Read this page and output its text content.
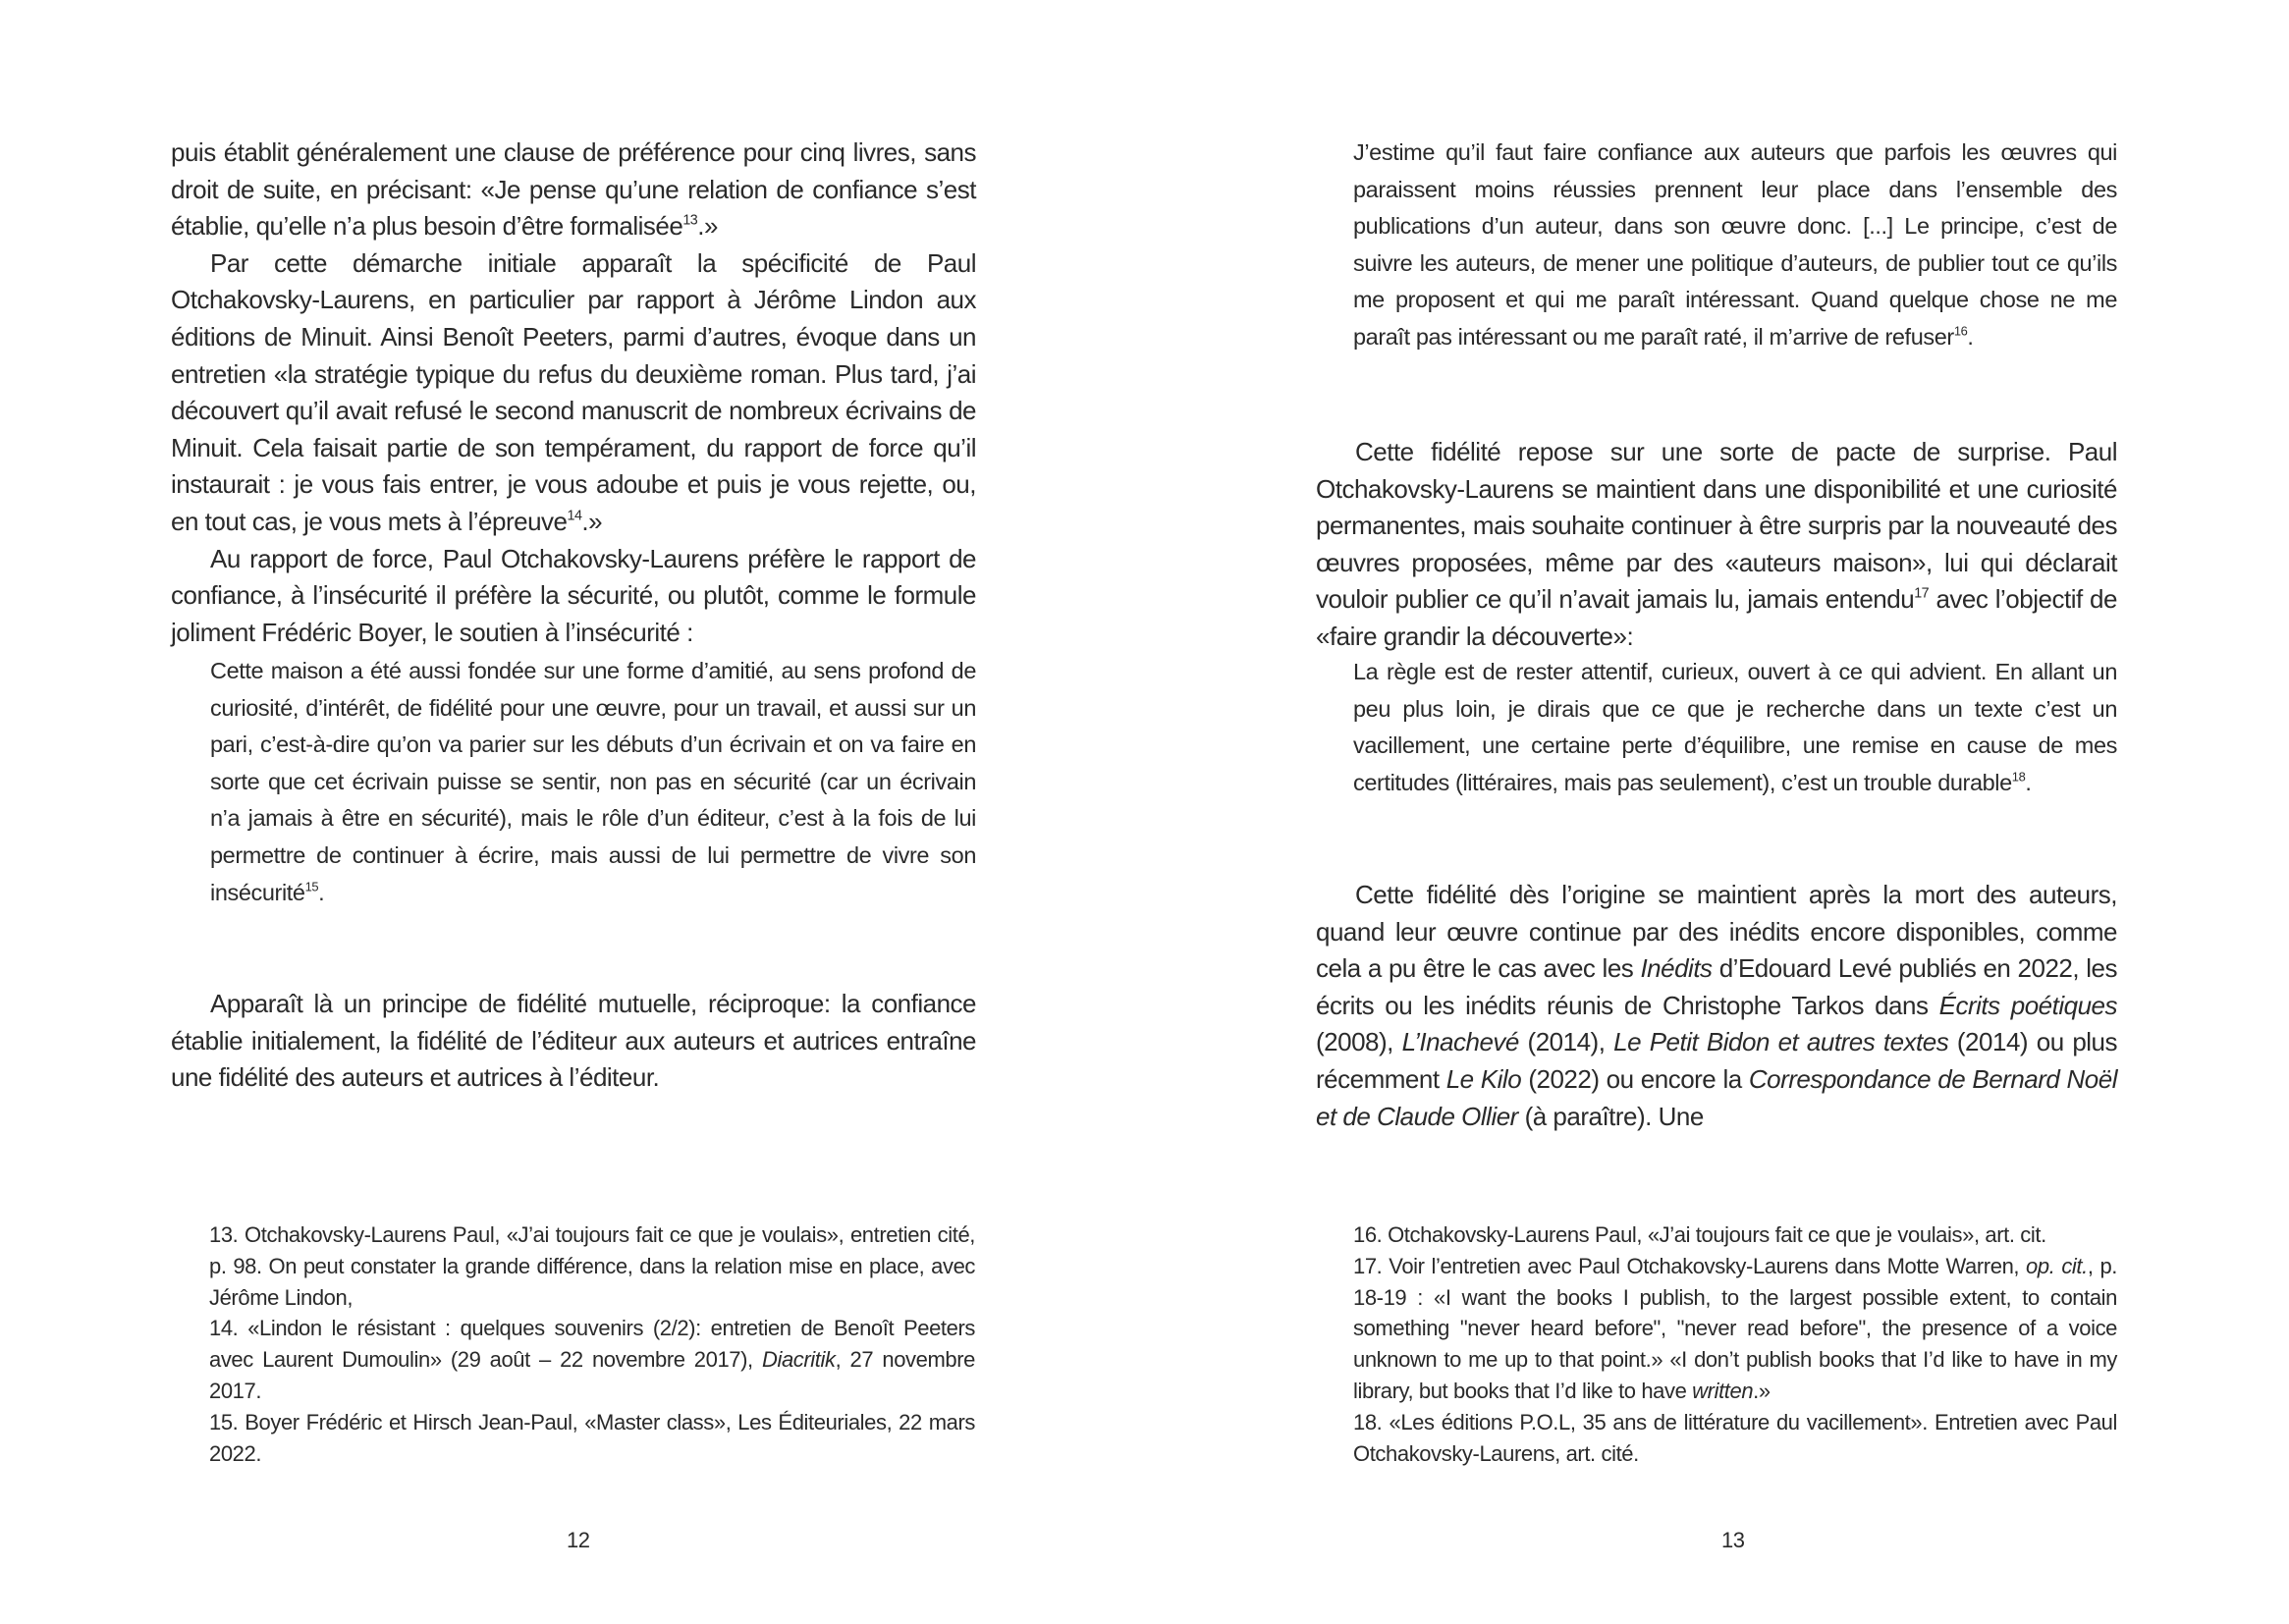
puis établit généralement une clause de préférence pour cinq livres, sans droit de suite, en précisant: «Je pense qu’une relation de confiance s’est établie, qu’elle n’a plus besoin d’être formalisée$^{13}$.»

Par cette démarche initiale apparaît la spécificité de Paul Otchakovsky-Laurens, en particulier par rapport à Jérôme Lindon aux éditions de Minuit. Ainsi Benoît Peeters, parmi d’autres, évoque dans un entretien «la stratégie typique du refus du deuxième roman. Plus tard, j’ai découvert qu’il avait refusé le second manuscrit de nombreux écrivains de Minuit. Cela faisait partie de son tempérament, du rapport de force qu’il instaurait : je vous fais entrer, je vous adoube et puis je vous rejette, ou, en tout cas, je vous mets à l’épreuve$^{14}$.»

Au rapport de force, Paul Otchakovsky-Laurens préfère le rapport de confiance, à l’insécurité il préfère la sécurité, ou plutôt, comme le formule joliment Frédéric Boyer, le soutien à l’insécurité :

Cette maison a été aussi fondée sur une forme d’amitié, au sens profond de curiosité, d’intérêt, de fidélité pour une œuvre, pour un travail, et aussi sur un pari, c’est-à-dire qu’on va parier sur les débuts d’un écrivain et on va faire en sorte que cet écrivain puisse se sentir, non pas en sécurité (car un écrivain n’a jamais à être en sécurité), mais le rôle d’un éditeur, c’est à la fois de lui permettre de continuer à écrire, mais aussi de lui permettre de vivre son insécurité$^{15}$.

Apparaît là un principe de fidélité mutuelle, réciproque: la confiance établie initialement, la fidélité de l’éditeur aux auteurs et autrices entraîne une fidélité des auteurs et autrices à l’éditeur.

13. Otchakovsky-Laurens Paul, «J’ai toujours fait ce que je voulais», entretien cité, p. 98. On peut constater la grande différence, dans la relation mise en place, avec Jérôme Lindon,

14. «Lindon le résistant : quelques souvenirs (2/2): entretien de Benoît Peeters avec Laurent Dumoulin» (29 août – 22 novembre 2017), Diacritik, 27 novembre 2017.

15. Boyer Frédéric et Hirsch Jean-Paul, «Master class», Les Éditeuriales, 22 mars 2022.

12

J’estime qu’il faut faire confiance aux auteurs que parfois les œuvres qui paraissent moins réussies prennent leur place dans l’ensemble des publications d’un auteur, dans son œuvre donc. [...] Le principe, c’est de suivre les auteurs, de mener une politique d’auteurs, de publier tout ce qu’ils me proposent et qui me paraît intéressant. Quand quelque chose ne me paraît pas intéressant ou me paraît raté, il m’arrive de refuser$^{16}$.

Cette fidélité repose sur une sorte de pacte de surprise. Paul Otchakovsky-Laurens se maintient dans une disponibilité et une curiosité permanentes, mais souhaite continuer à être surpris par la nouveauté des œuvres proposées, même par des «auteurs maison», lui qui déclarait vouloir publier ce qu’il n’avait jamais lu, jamais entendu$^{17}$ avec l’objectif de «faire grandir la découverte»:

La règle est de rester attentif, curieux, ouvert à ce qui advient. En allant un peu plus loin, je dirais que ce que je recherche dans un texte c’est un vacillement, une certaine perte d’équilibre, une remise en cause de mes certitudes (littéraires, mais pas seulement), c’est un trouble durable$^{18}$.

Cette fidélité dès l’origine se maintient après la mort des auteurs, quand leur œuvre continue par des inédits encore disponibles, comme cela a pu être le cas avec les Inédits d’Edouard Levé publiés en 2022, les écrits ou les inédits réunis de Christophe Tarkos dans Écrits poétiques (2008), L’Inachevé (2014), Le Petit Bidon et autres textes (2014) ou plus récemment Le Kilo (2022) ou encore la Correspondance de Bernard Noël et de Claude Ollier (à paraître). Une

16. Otchakovsky-Laurens Paul, «J’ai toujours fait ce que je voulais», art. cit.

17. Voir l’entretien avec Paul Otchakovsky-Laurens dans Motte Warren, op. cit., p. 18-19 : «I want the books I publish, to the largest possible extent, to contain something "never heard before", "never read before", the presence of a voice unknown to me up to that point.» «I don’t publish books that I’d like to have in my library, but books that I’d like to have written.»

18. «Les éditions P.O.L, 35 ans de littérature du vacillement». Entretien avec Paul Otchakovsky-Laurens, art. cité.

13
